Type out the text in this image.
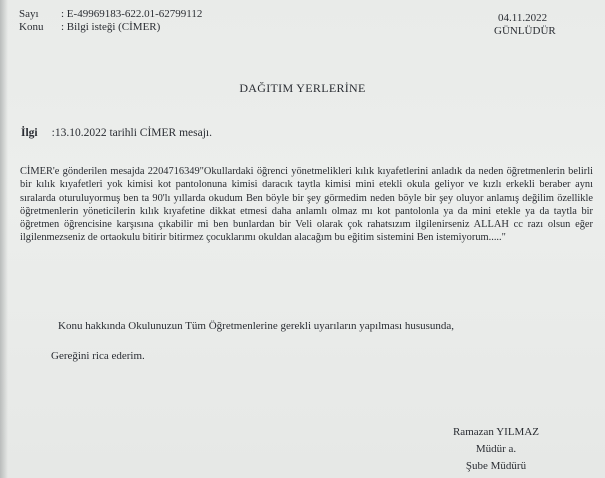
Sayı : E-49969183-622.01-62799112
Konu : Bilgi isteği (CİMER)
04.11.2022
GÜNLÜDÜR
DAĞITIM YERLERİNE
İlgi :13.10.2022 tarihli CİMER mesajı.
CİMER'e gönderilen mesajda 2204716349"Okullardaki öğrenci yönetmelikleri kılık kıyafetlerini anladık da neden öğretmenlerin belirli bir kılık kıyafetleri yok kimisi kot pantolonuna kimisi daracık taytla kimisi mini etekli okula geliyor ve kızlı erkekli beraber aynı sıralarda oturuluyormuş ben ta 90'lı yıllarda okudum Ben böyle bir şey görmedim neden böyle bir şey oluyor anlamış değilim özellikle öğretmenlerin yöneticilerin kılık kıyafetine dikkat etmesi daha anlamlı olmaz mı kot pantolonla ya da mini etekle ya da taytla bir öğretmen öğrencisine karşısına çıkabilir mi ben bunlardan bir Veli olarak çok rahatsızım ilgilenirseniz ALLAH cc razı olsun eğer ilgilenmezseniz de ortaokulu bitirir bitirmez çocuklarımı okuldan alacağım bu eğitim sistemini Ben istemiyorum....."
Konu hakkında Okulunuzun Tüm Öğretmenlerine gerekli uyarıların yapılması hususunda,
Gereğini rica ederim.
Ramazan YILMAZ
Müdür a.
Şube Müdürü
